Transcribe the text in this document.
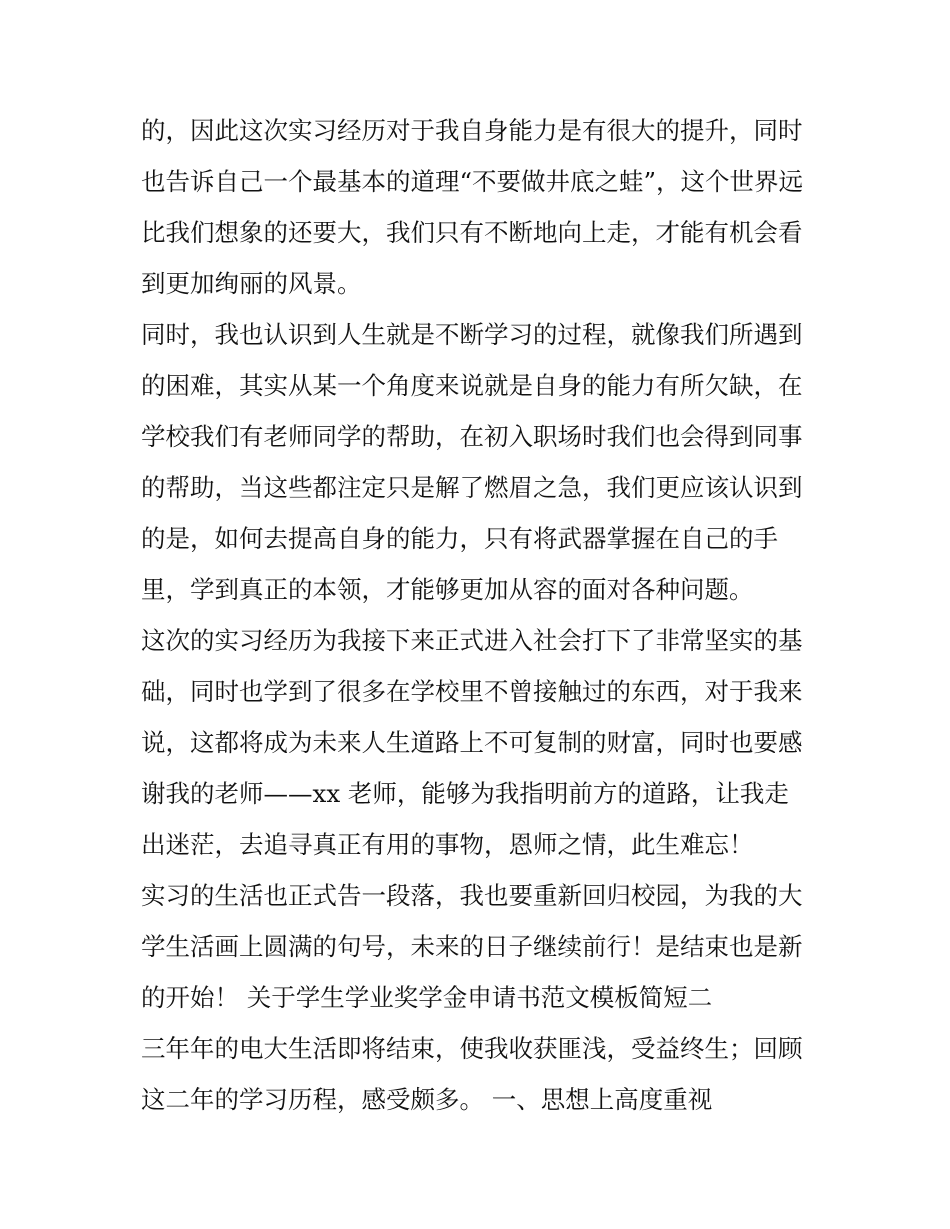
的，因此这次实习经历对于我自身能力是有很大的提升，同时
也告诉自己一个最基本的道理“不要做井底之蛙”，这个世界远
比我们想象的还要大，我们只有不断地向上走，才能有机会看
到更加绚丽的风景。
同时，我也认识到人生就是不断学习的过程，就像我们所遇到
的困难，其实从某一个角度来说就是自身的能力有所欠缺，在
学校我们有老师同学的帮助，在初入职场时我们也会得到同事
的帮助，当这些都注定只是解了燃眉之急，我们更应该认识到
的是，如何去提高自身的能力，只有将武器掌握在自己的手
里，学到真正的本领，才能够更加从容的面对各种问题。
这次的实习经历为我接下来正式进入社会打下了非常坚实的基
础，同时也学到了很多在学校里不曾接触过的东西，对于我来
说，这都将成为未来人生道路上不可复制的财富，同时也要感
谢我的老师——xx 老师，能够为我指明前方的道路，让我走
出迷茫，去追寻真正有用的事物，恩师之情，此生难忘！
实习的生活也正式告一段落，我也要重新回归校园，为我的大
学生活画上圆满的句号，未来的日子继续前行！是结束也是新
的开始！ 关于学生学业奖学金申请书范文模板简短二
三年年的电大生活即将结束，使我收获匪浅，受益终生；回顾
这二年的学习历程，感受颇多。 一、思想上高度重视
